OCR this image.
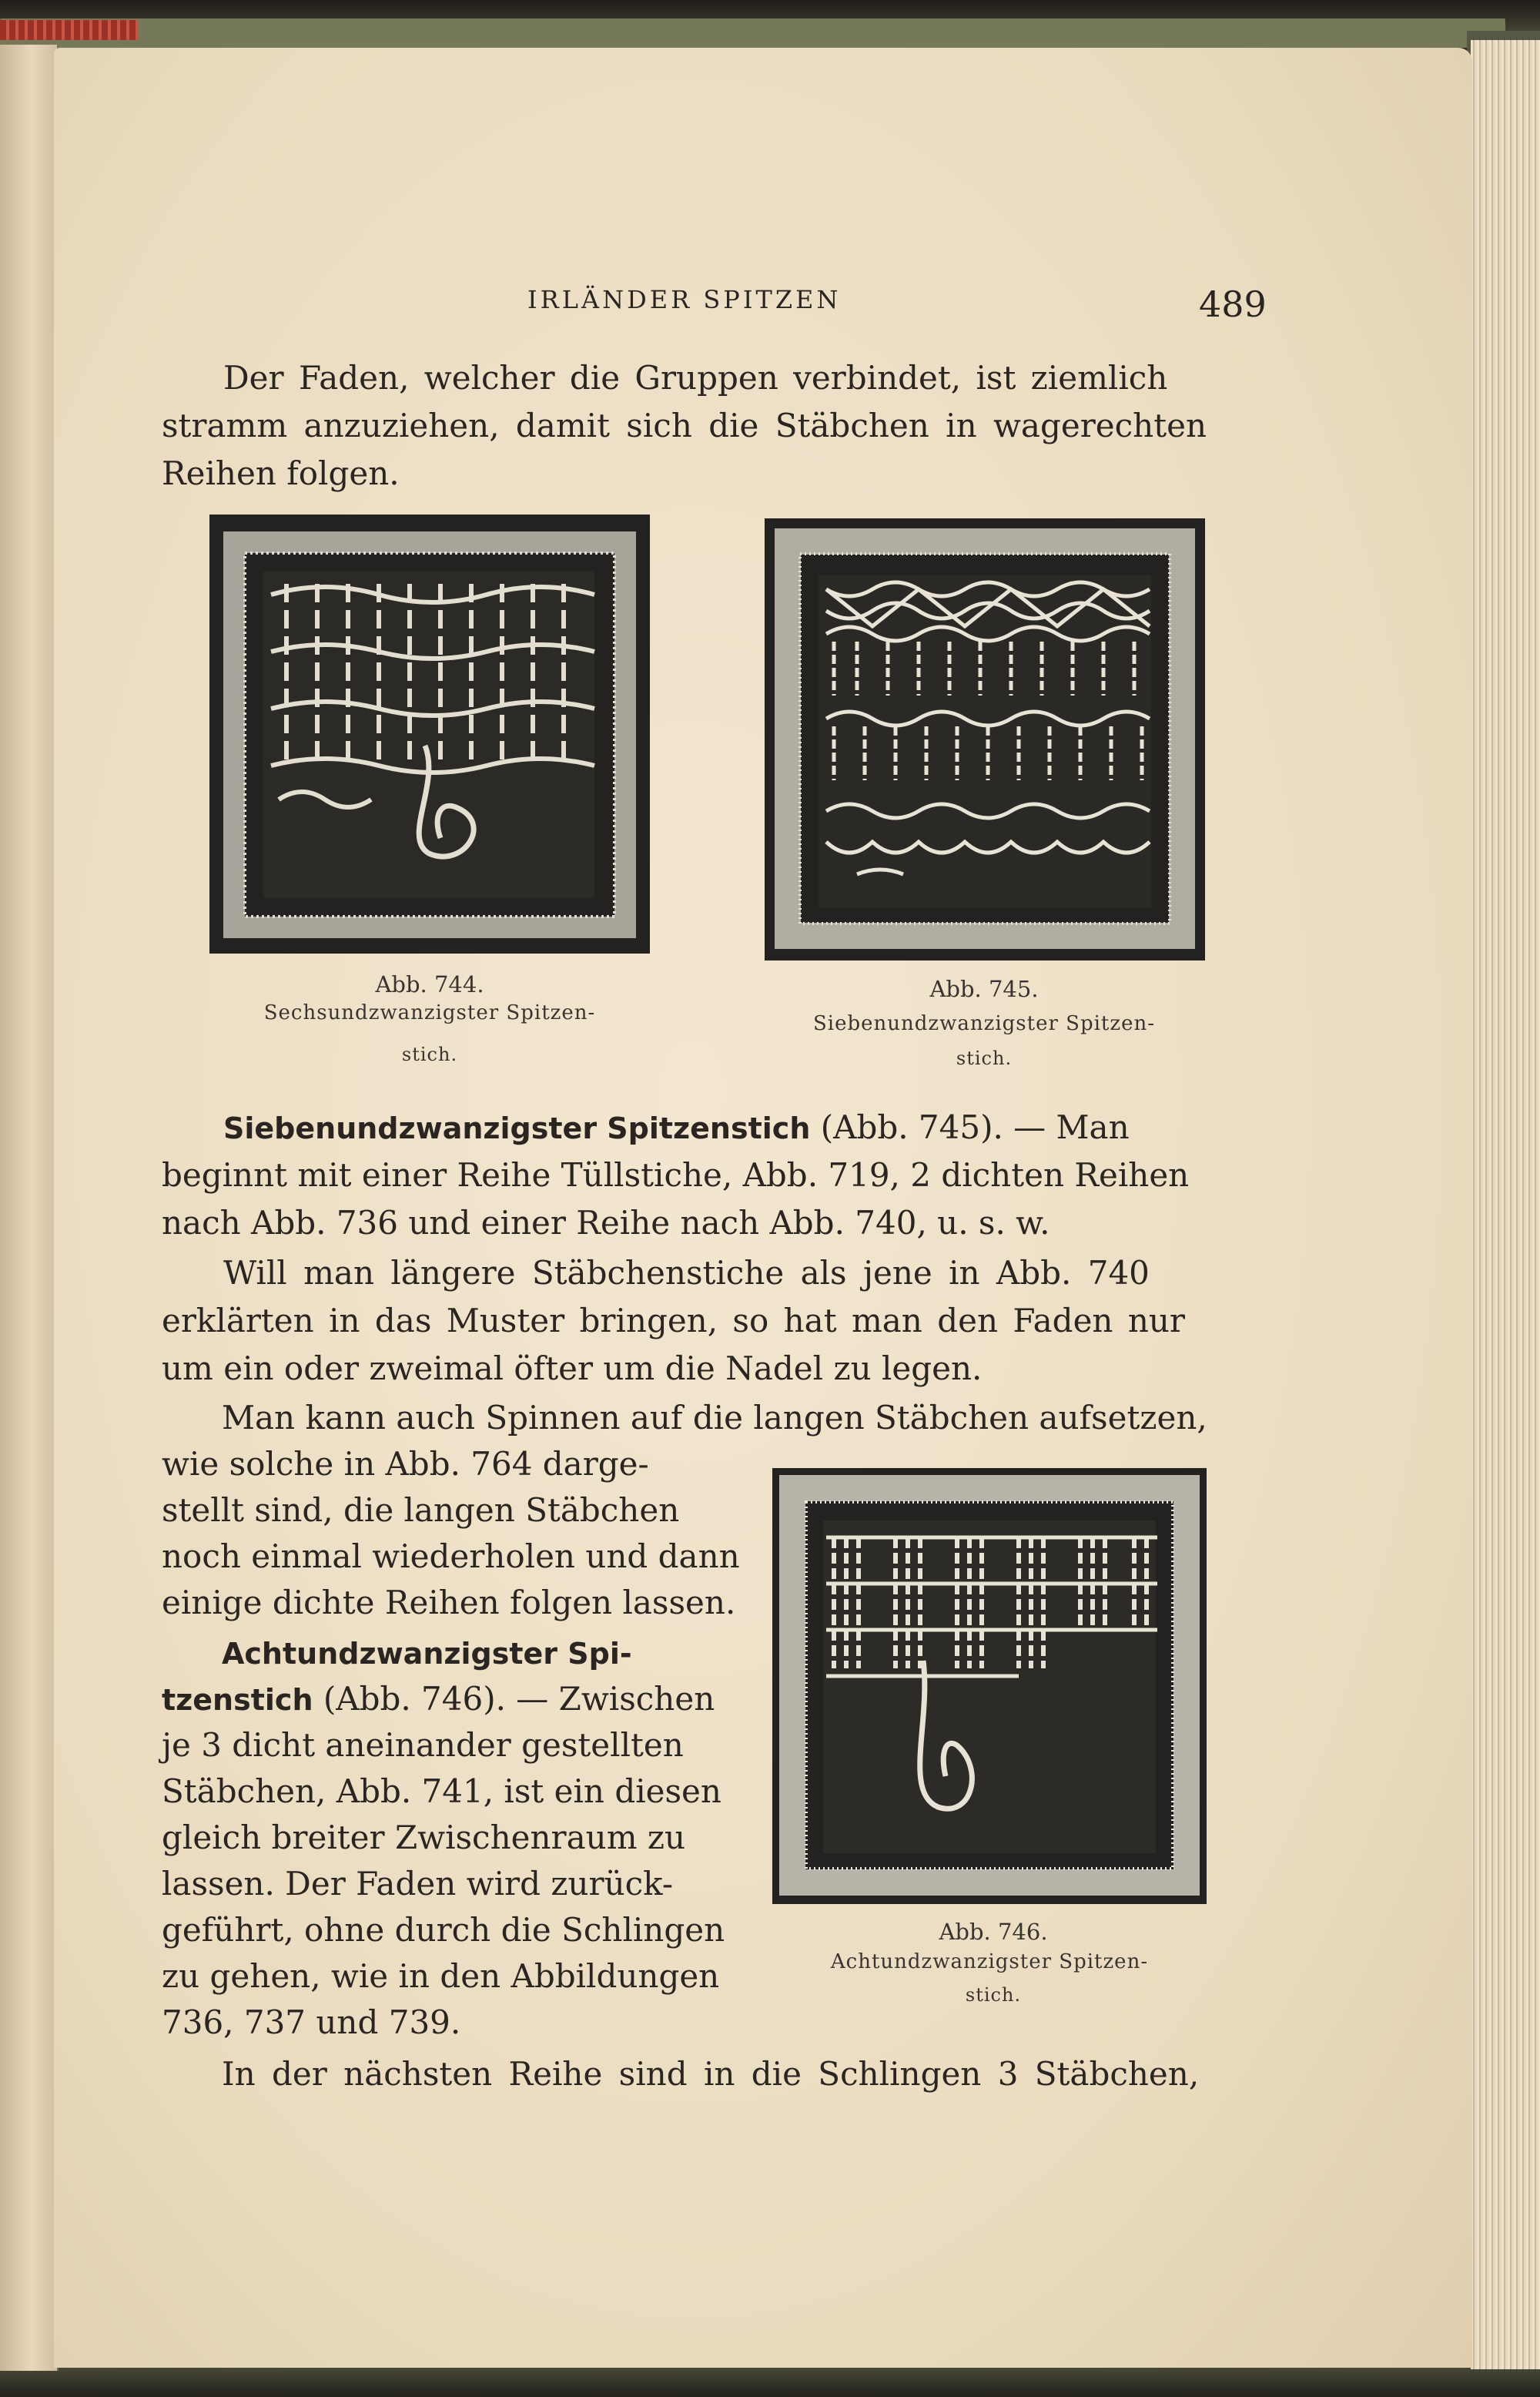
IRLÄNDER SPITZEN	489
Der Faden, welcher die Gruppen verbindet, ist ziemlich
stramm anzuziehen, damit sich die Stäbchen in wagerechten
Reihen folgen.
Abb. 744.
Sechsundzwanzigster Spitzen-
stich.
Abb. 745.
Siebenundzwanzigster Spitzen-
stich.
Siebenundzwanzigster Spitzenstich (Abb. 745). — Man
beginnt mit einer Reihe Tüllstiche, Abb. 719, 2 dichten Reihen
nach Abb. 736 und einer Reihe nach Abb. 740, u. s. w.
Will man längere Stäbchenstiche als jene in Abb. 740
erklärten in das Muster bringen, so hat man den Faden nur
um ein oder zweimal öfter um die Nadel zu legen.
Man kann auch Spinnen auf die langen Stäbchen aufsetzen,
wie solche in Abb. 764 darge-
stellt sind, die langen Stäbchen
noch einmal wiederholen und dann
einige dichte Reihen folgen lassen.
Abb. 746.
Achtundzwanzigster Spitzen-
stich.
Achtundzwanzigster Spi-
tzenstich (Abb. 746). — Zwischen
je 3 dicht aneinander gestellten
Stäbchen, Abb. 741, ist ein diesen
gleich breiter Zwischenraum zu
lassen. Der Faden wird zurück-
geführt, ohne durch die Schlingen
zu gehen, wie in den Abbildungen
736, 737 und 739.
In der nächsten Reihe sind in die Schlingen 3 Stäbchen,
